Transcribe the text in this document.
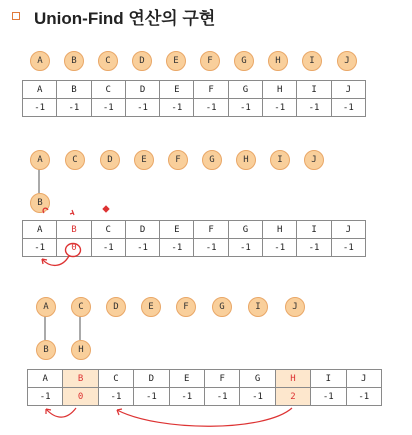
Union-Find 연산의 구현
A	B	C	D	E	F	G	H	I	J
A	B	C	D	E	F	G	H	I	J
-1	-1	-1	-1	-1	-1	-1	-1	-1	-1
A	C	D	E	F	G	H	I	J
B
A	B	C	D	E	F	G	H	I	J
-1	0	-1	-1	-1	-1	-1	-1	-1	-1
A	C	D	E	F	G	I	J
B	H
A	B	C	D	E	F	G	H	I	J
-1	0	-1	-1	-1	-1	-1	2	-1	-1
